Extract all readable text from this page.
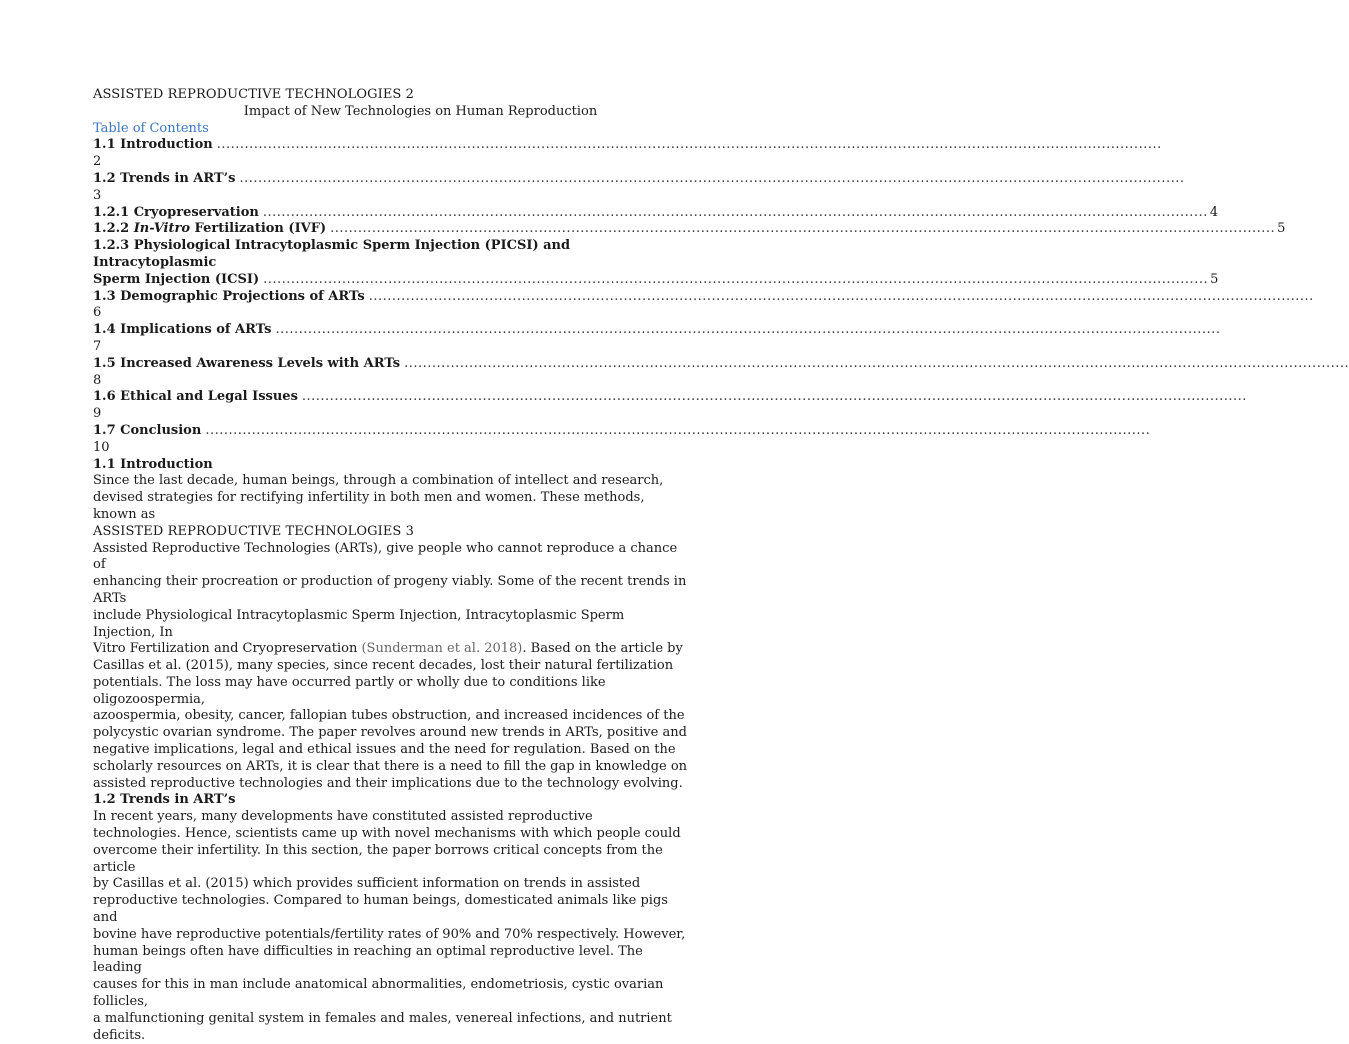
ASSISTED REPRODUCTIVE TECHNOLOGIES 2

Impact of New Technologies on Human Reproduction

Table of Contents

1.1 Introduction ............................................................................................................................................................................................................

2

1.2 Trends in ART’s ............................................................................................................................................................................................................

3

1.2.1 Cryopreservation ............................................................................................................................................................................................................ 4
1.2.2 In-Vitro Fertilization (IVF) ............................................................................................................................................................................................................ 5

1.2.3 Physiological Intracytoplasmic Sperm Injection (PICSI) and Intracytoplasmic

Sperm Injection (ICSI) ............................................................................................................................................................................................................ 5
1.3 Demographic Projections of ARTs ............................................................................................................................................................................................................

6

1.4 Implications of ARTs ............................................................................................................................................................................................................

7

1.5 Increased Awareness Levels with ARTs ............................................................................................................................................................................................................

8

1.6 Ethical and Legal Issues ............................................................................................................................................................................................................

9

1.7 Conclusion ............................................................................................................................................................................................................

10

1.1 Introduction

Since the last decade, human beings, through a combination of intellect and research,

devised strategies for rectifying infertility in both men and women. These methods, known as

ASSISTED REPRODUCTIVE TECHNOLOGIES 3

Assisted Reproductive Technologies (ARTs), give people who cannot reproduce a chance of

enhancing their procreation or production of progeny viably. Some of the recent trends in

ARTs

include Physiological Intracytoplasmic Sperm Injection, Intracytoplasmic Sperm Injection, In

Vitro Fertilization and Cryopreservation (Sunderman et al. 2018). Based on the article by

Casillas et al. (2015), many species, since recent decades, lost their natural fertilization

potentials. The loss may have occurred partly or wholly due to conditions like

oligozoospermia,

azoospermia, obesity, cancer, fallopian tubes obstruction, and increased incidences of the

polycystic ovarian syndrome. The paper revolves around new trends in ARTs, positive and

negative implications, legal and ethical issues and the need for regulation. Based on the

scholarly resources on ARTs, it is clear that there is a need to fill the gap in knowledge on

assisted reproductive technologies and their implications due to the technology evolving.

1.2 Trends in ART’s

In recent years, many developments have constituted assisted reproductive

technologies. Hence, scientists came up with novel mechanisms with which people could

overcome their infertility. In this section, the paper borrows critical concepts from the article

by Casillas et al. (2015) which provides sufficient information on trends in assisted

reproductive technologies. Compared to human beings, domesticated animals like pigs and

bovine have reproductive potentials/fertility rates of 90% and 70% respectively. However,

human beings often have difficulties in reaching an optimal reproductive level. The leading

causes for this in man include anatomical abnormalities, endometriosis, cystic ovarian

follicles,

a malfunctioning genital system in females and males, venereal infections, and nutrient

deficits.
